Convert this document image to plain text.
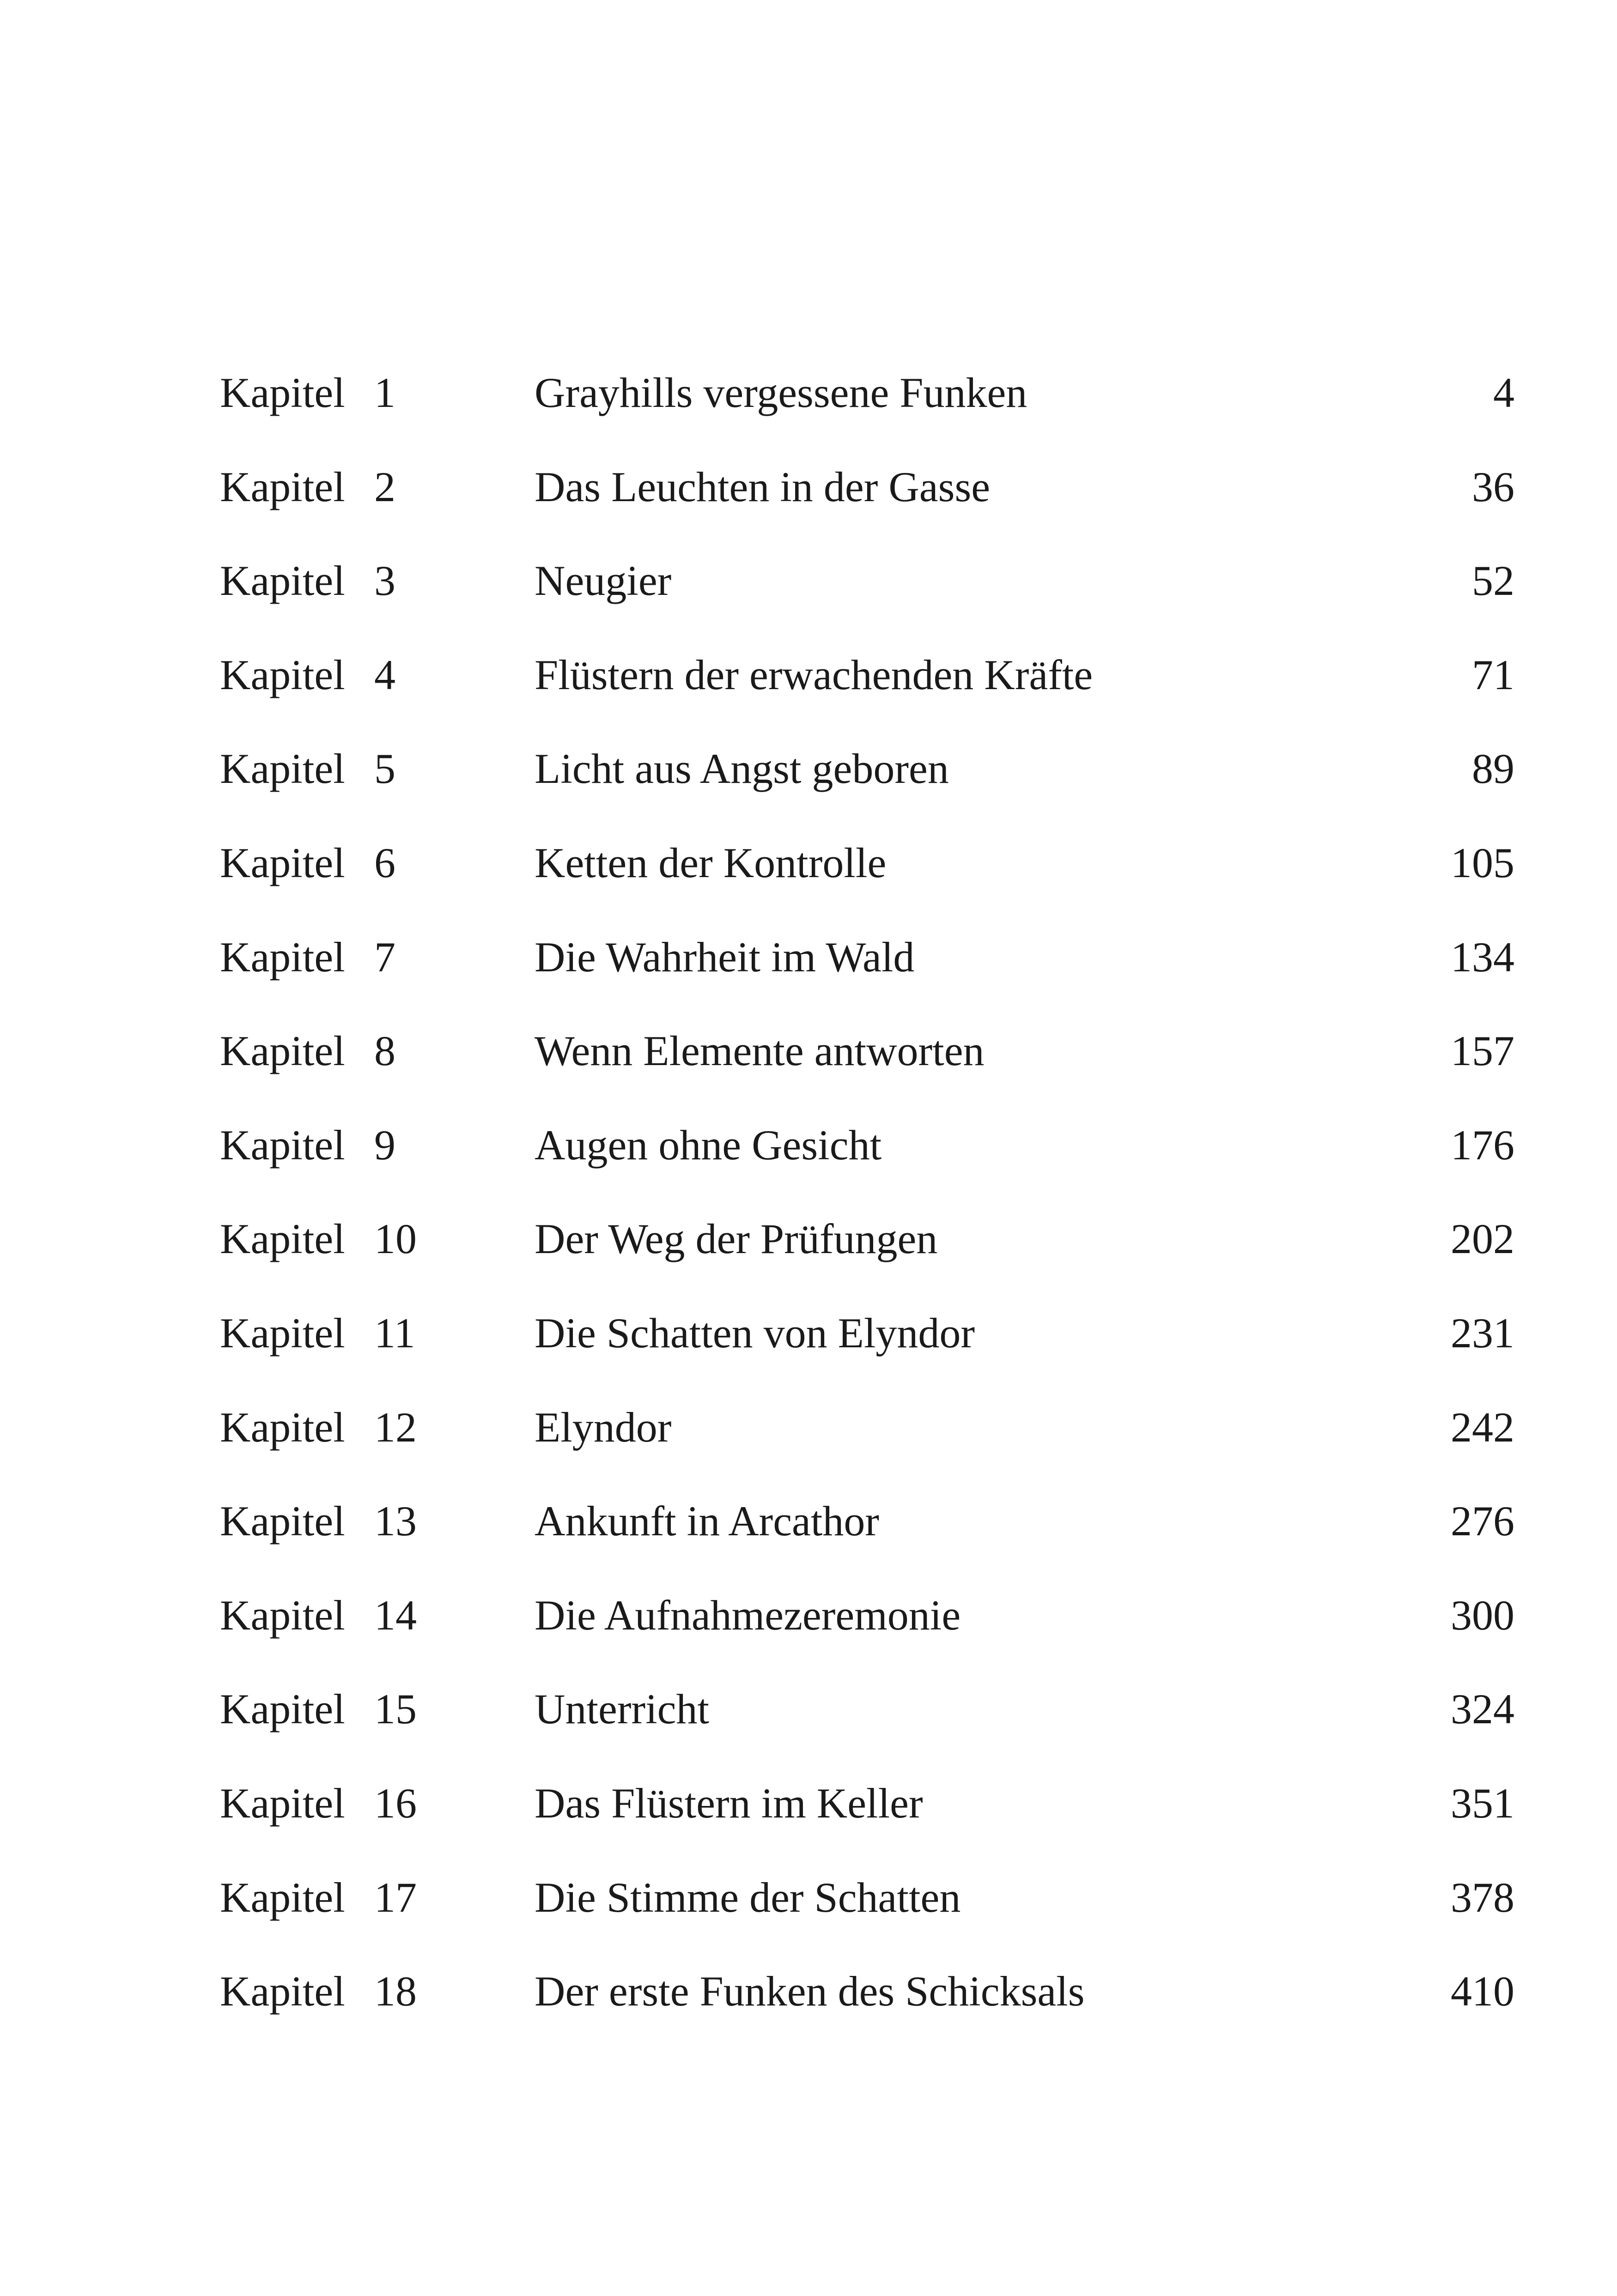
Kapitel 1	Grayhills vergessene Funken	4
Kapitel 2	Das Leuchten in der Gasse	36
Kapitel 3	Neugier	52
Kapitel 4	Flüstern der erwachenden Kräfte	71
Kapitel 5	Licht aus Angst geboren	89
Kapitel 6	Ketten der Kontrolle	105
Kapitel 7	Die Wahrheit im Wald	134
Kapitel 8	Wenn Elemente antworten	157
Kapitel 9	Augen ohne Gesicht	176
Kapitel 10	Der Weg der Prüfungen	202
Kapitel 11	Die Schatten von Elyndor	231
Kapitel 12	Elyndor	242
Kapitel 13	Ankunft in Arcathor	276
Kapitel 14	Die Aufnahmezeremonie	300
Kapitel 15	Unterricht	324
Kapitel 16	Das Flüstern im Keller	351
Kapitel 17	Die Stimme der Schatten	378
Kapitel 18	Der erste Funken des Schicksals	410
